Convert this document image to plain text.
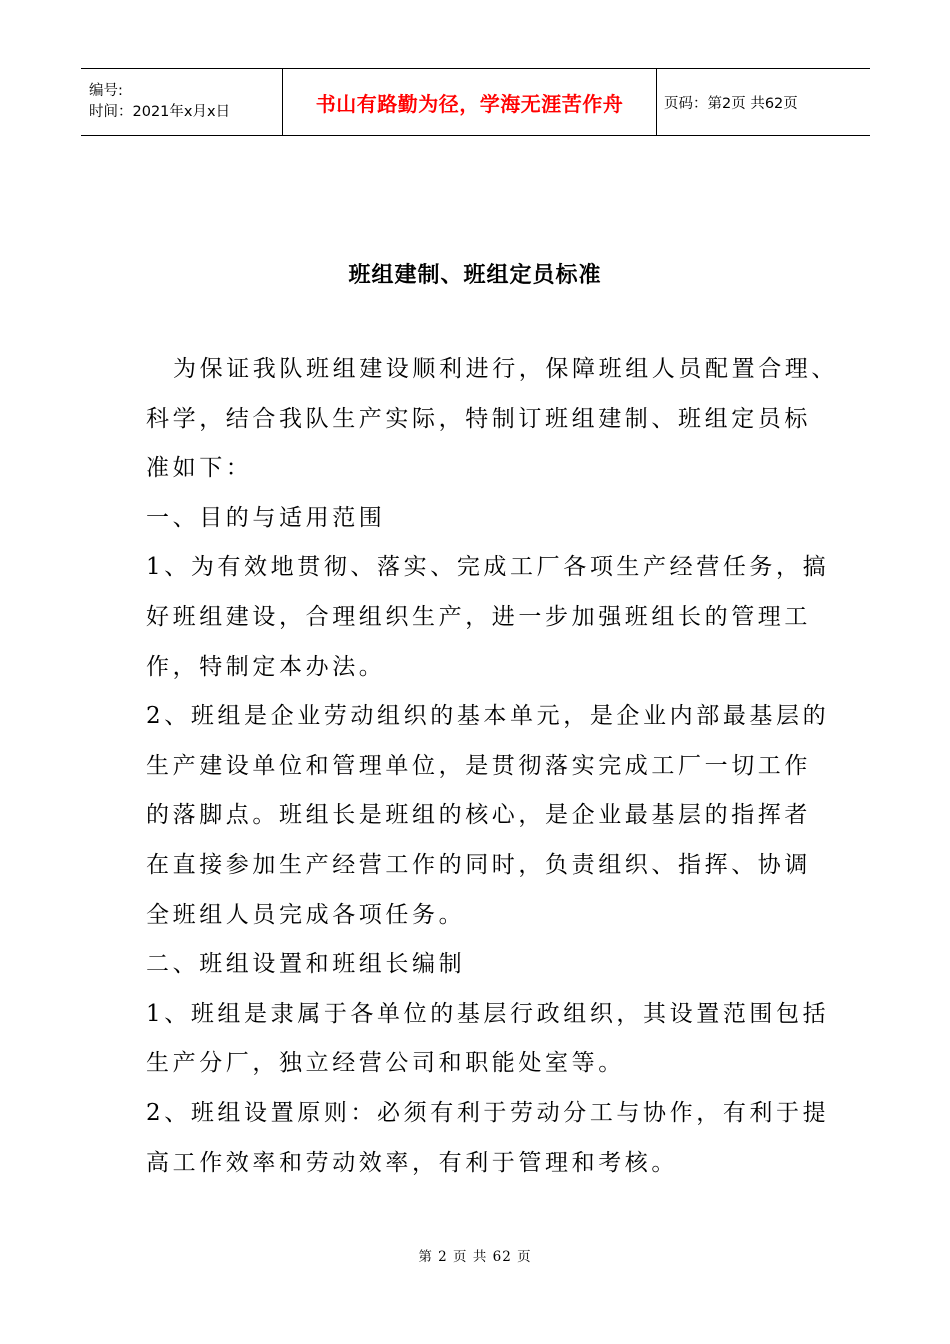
编号:
时间：2021年x月x日	书山有路勤为径，学海无涯苦作舟	页码：第2页 共62页
班组建制、班组定员标准
为保证我队班组建设顺利进行，保障班组人员配置合理、
科学，结合我队生产实际，特制订班组建制、班组定员标
准如下：
一、目的与适用范围
1、为有效地贯彻、落实、完成工厂各项生产经营任务，搞
好班组建设，合理组织生产，进一步加强班组长的管理工
作，特制定本办法。
2、班组是企业劳动组织的基本单元，是企业内部最基层的
生产建设单位和管理单位，是贯彻落实完成工厂一切工作
的落脚点。班组长是班组的核心，是企业最基层的指挥者
在直接参加生产经营工作的同时，负责组织、指挥、协调
全班组人员完成各项任务。
二、班组设置和班组长编制
1、班组是隶属于各单位的基层行政组织，其设置范围包括
生产分厂，独立经营公司和职能处室等。
2、班组设置原则：必须有利于劳动分工与协作，有利于提
高工作效率和劳动效率，有利于管理和考核。
第 2 页 共 62 页
